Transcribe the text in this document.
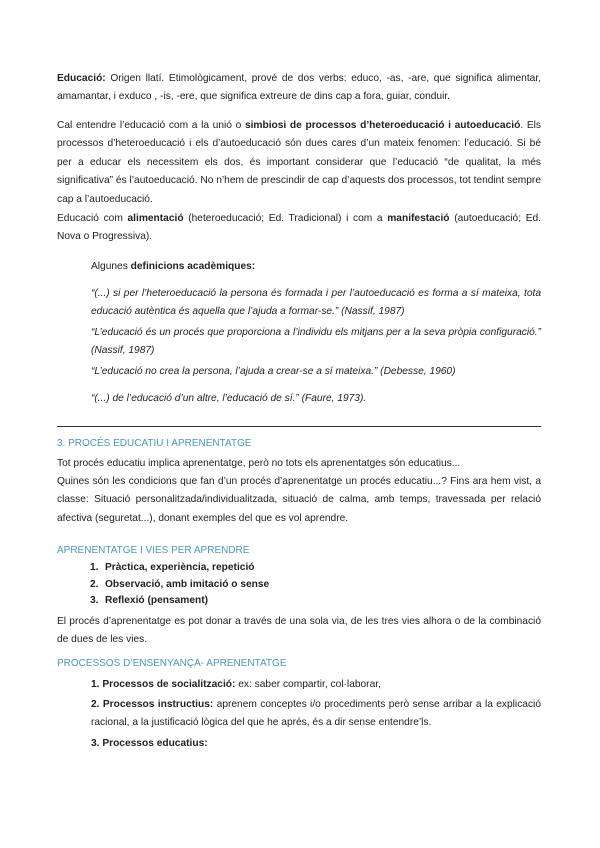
Educació: Origen llatí. Etimològicament, prové de dos verbs: educo, -as, -are, que significa alimentar, amamantar, i exduco , -is, -ere, que significa extreure de dins cap a fora, guiar, conduir.

Cal entendre l’educació com a la unió o simbiosi de processos d’heteroeducació i autoeducació. Els processos d’heteroeducació i els d’autoeducació són dues cares d’un mateix fenomen: l’educació. Si bé per a educar els necessitem els dos, és important considerar que l’educació “de qualitat, la més significativa” és l’autoeducació. No n’hem de prescindir de cap d’aquests dos processos, tot tendint sempre cap a l’autoeducació.

Educació com alimentació (heteroeducació; Ed. Tradicional) i com a manifestació (autoeducació; Ed. Nova o Progressiva).

Algunes definicions acadèmiques:

“(...) si per l’heteroeducació la persona és formada i per l’autoeducació es forma a sí mateixa, tota educació autèntica és aquella que l’ajuda a formar-se.” (Nassif, 1987)

“L’educació és un procés que proporciona a l’individu els mitjans per a la seva pròpia configuració.” (Nassif, 1987)

“L’educació no crea la persona, l’ajuda a crear-se a sí mateixa.” (Debesse, 1960)

“(...) de l’educació d’un altre, l’educació de sí.” (Faure, 1973).

3. PROCÉS EDUCATIU I APRENENTATGE

Tot procés educatiu implica aprenentatge, però no tots els aprenentatges són educatius...

Quines són les condicions que fan d’un procés d’aprenentatge un procés educatiu...? Fins ara hem vist, a classe: Situació personalitzada/individualitzada, situació de calma, amb temps, travessada per relació afectiva (seguretat...), donant exemples del que es vol aprendre.

APRENENTATGE I VIES PER APRENDRE
1. Pràctica, experiència, repetició
2. Observació, amb imitació o sense
3. Reflexió (pensament)

El procés d’aprenentatge es pot donar a través de una sola via, de les tres vies alhora o de la combinació de dues de les vies.

PROCESSOS D’ENSENYANÇA- APRENENTATGE

1. Processos de socialització: ex: saber compartir, col·laborar,

2. Processos instructius: aprenem conceptes i/o procediments però sense arribar a la explicació racional, a la justificació lògica del que he aprés, és a dir sense entendre’ls.

3. Processos educatius:
